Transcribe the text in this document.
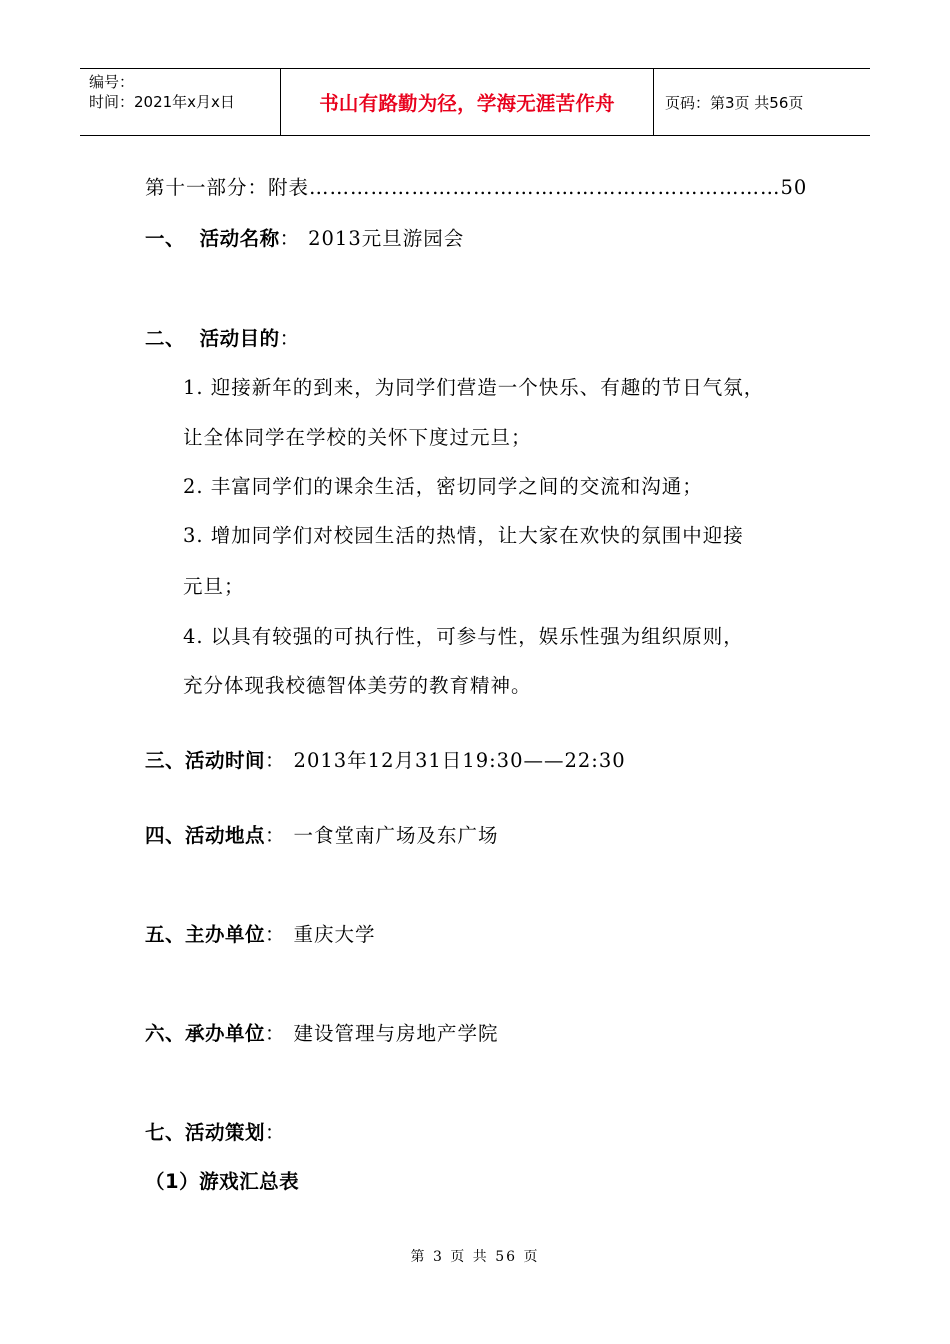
编号：
时间：2021年x月x日	书山有路勤为径，学海无涯苦作舟	页码：第3页 共56页
第十一部分：附表……………………………………………………………50
一、  活动名称： 2013元旦游园会
二、  活动目的：
1. 迎接新年的到来，为同学们营造一个快乐、有趣的节日气氛，
让全体同学在学校的关怀下度过元旦；
2. 丰富同学们的课余生活，密切同学之间的交流和沟通；
3. 增加同学们对校园生活的热情，让大家在欢快的氛围中迎接
元旦；
4. 以具有较强的可执行性，可参与性，娱乐性强为组织原则，
充分体现我校德智体美劳的教育精神。
三、活动时间： 2013年12月31日19:30——22:30
四、活动地点： 一食堂南广场及东广场
五、主办单位： 重庆大学
六、承办单位： 建设管理与房地产学院
七、活动策划：
（1）游戏汇总表
第 3 页 共 56 页
